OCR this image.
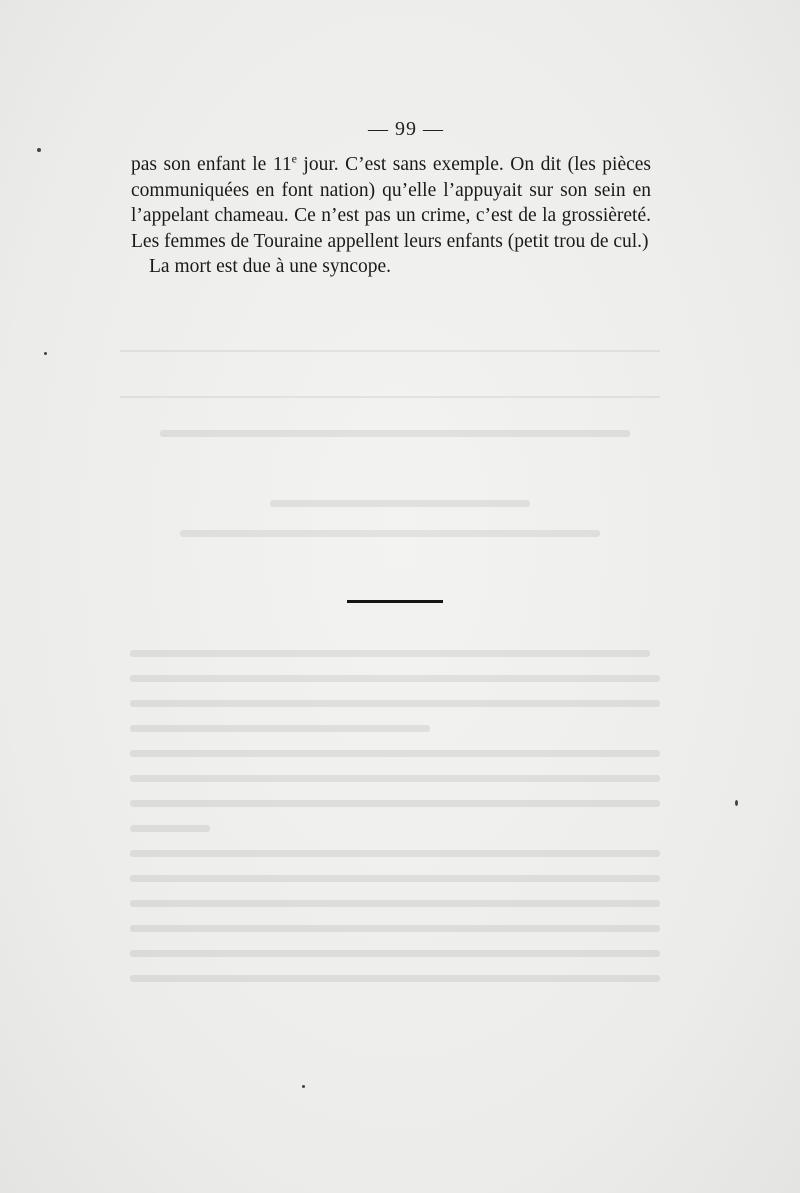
— 99 —

pas son enfant le 11e jour. C’est sans exemple. On dit (les pièces communiquées en font nation) qu’elle l’appuyait sur son sein en l’appelant chameau. Ce n’est pas un crime, c’est de la grossièreté. Les femmes de Touraine appellent leurs enfants (petit trou de cul.)

La mort est due à une syncope.
